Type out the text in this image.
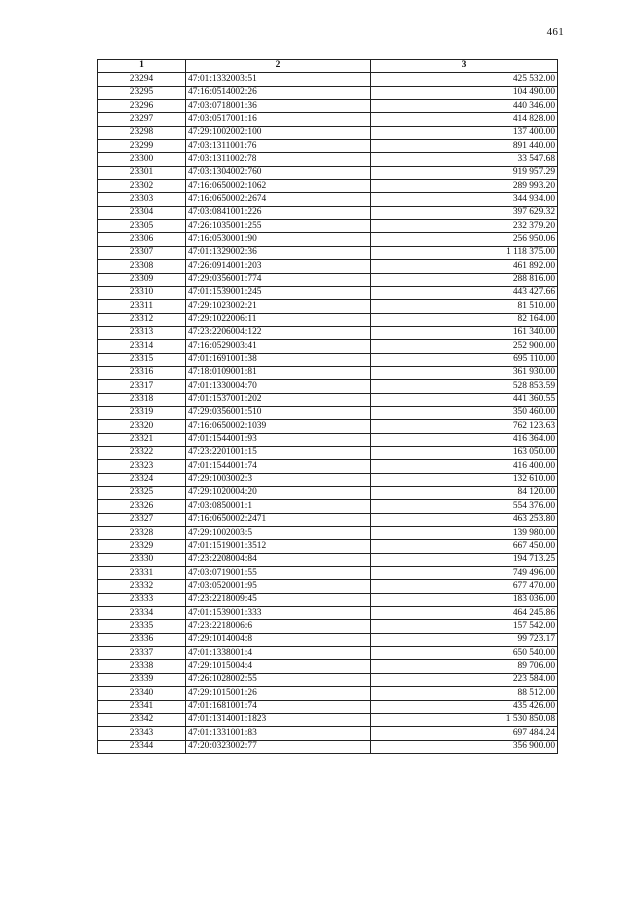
461
1	2	3
23294	47:01:1332003:51	425 532.00
23295	47:16:0514002:26	104 490.00
23296	47:03:0718001:36	440 346.00
23297	47:03:0517001:16	414 828.00
23298	47:29:1002002:100	137 400.00
23299	47:03:1311001:76	891 440.00
23300	47:03:1311002:78	33 547.68
23301	47:03:1304002:760	919 957.29
23302	47:16:0650002:1062	289 993.20
23303	47:16:0650002:2674	344 934.00
23304	47:03:0841001:226	397 629.32
23305	47:26:1035001:255	232 379.20
23306	47:16:0530001:90	256 950.06
23307	47:01:1329002:36	1 118 375.00
23308	47:26:0914001:203	461 892.00
23309	47:29:0356001:774	288 816.00
23310	47:01:1539001:245	443 427.66
23311	47:29:1023002:21	81 510.00
23312	47:29:1022006:11	82 164.00
23313	47:23:2206004:122	161 340.00
23314	47:16:0529003:41	252 900.00
23315	47:01:1691001:38	695 110.00
23316	47:18:0109001:81	361 930.00
23317	47:01:1330004:70	528 853.59
23318	47:01:1537001:202	441 360.55
23319	47:29:0356001:510	350 460.00
23320	47:16:0650002:1039	762 123.63
23321	47:01:1544001:93	416 364.00
23322	47:23:2201001:15	163 050.00
23323	47:01:1544001:74	416 400.00
23324	47:29:1003002:3	132 610.00
23325	47:29:1020004:20	84 120.00
23326	47:03:0850001:1	554 376.00
23327	47:16:0650002:2471	463 253.80
23328	47:29:1002003:5	139 980.00
23329	47:01:1519001:3512	667 450.00
23330	47:23:2208004:84	194 713.25
23331	47:03:0719001:55	749 496.00
23332	47:03:0520001:95	677 470.00
23333	47:23:2218009:45	183 036.00
23334	47:01:1539001:333	464 245.86
23335	47:23:2218006:6	157 542.00
23336	47:29:1014004:8	99 723.17
23337	47:01:1338001:4	650 540.00
23338	47:29:1015004:4	89 706.00
23339	47:26:1028002:55	223 584.00
23340	47:29:1015001:26	88 512.00
23341	47:01:1681001:74	435 426.00
23342	47:01:1314001:1823	1 530 850.08
23343	47:01:1331001:83	697 484.24
23344	47:20:0323002:77	356 900.00
